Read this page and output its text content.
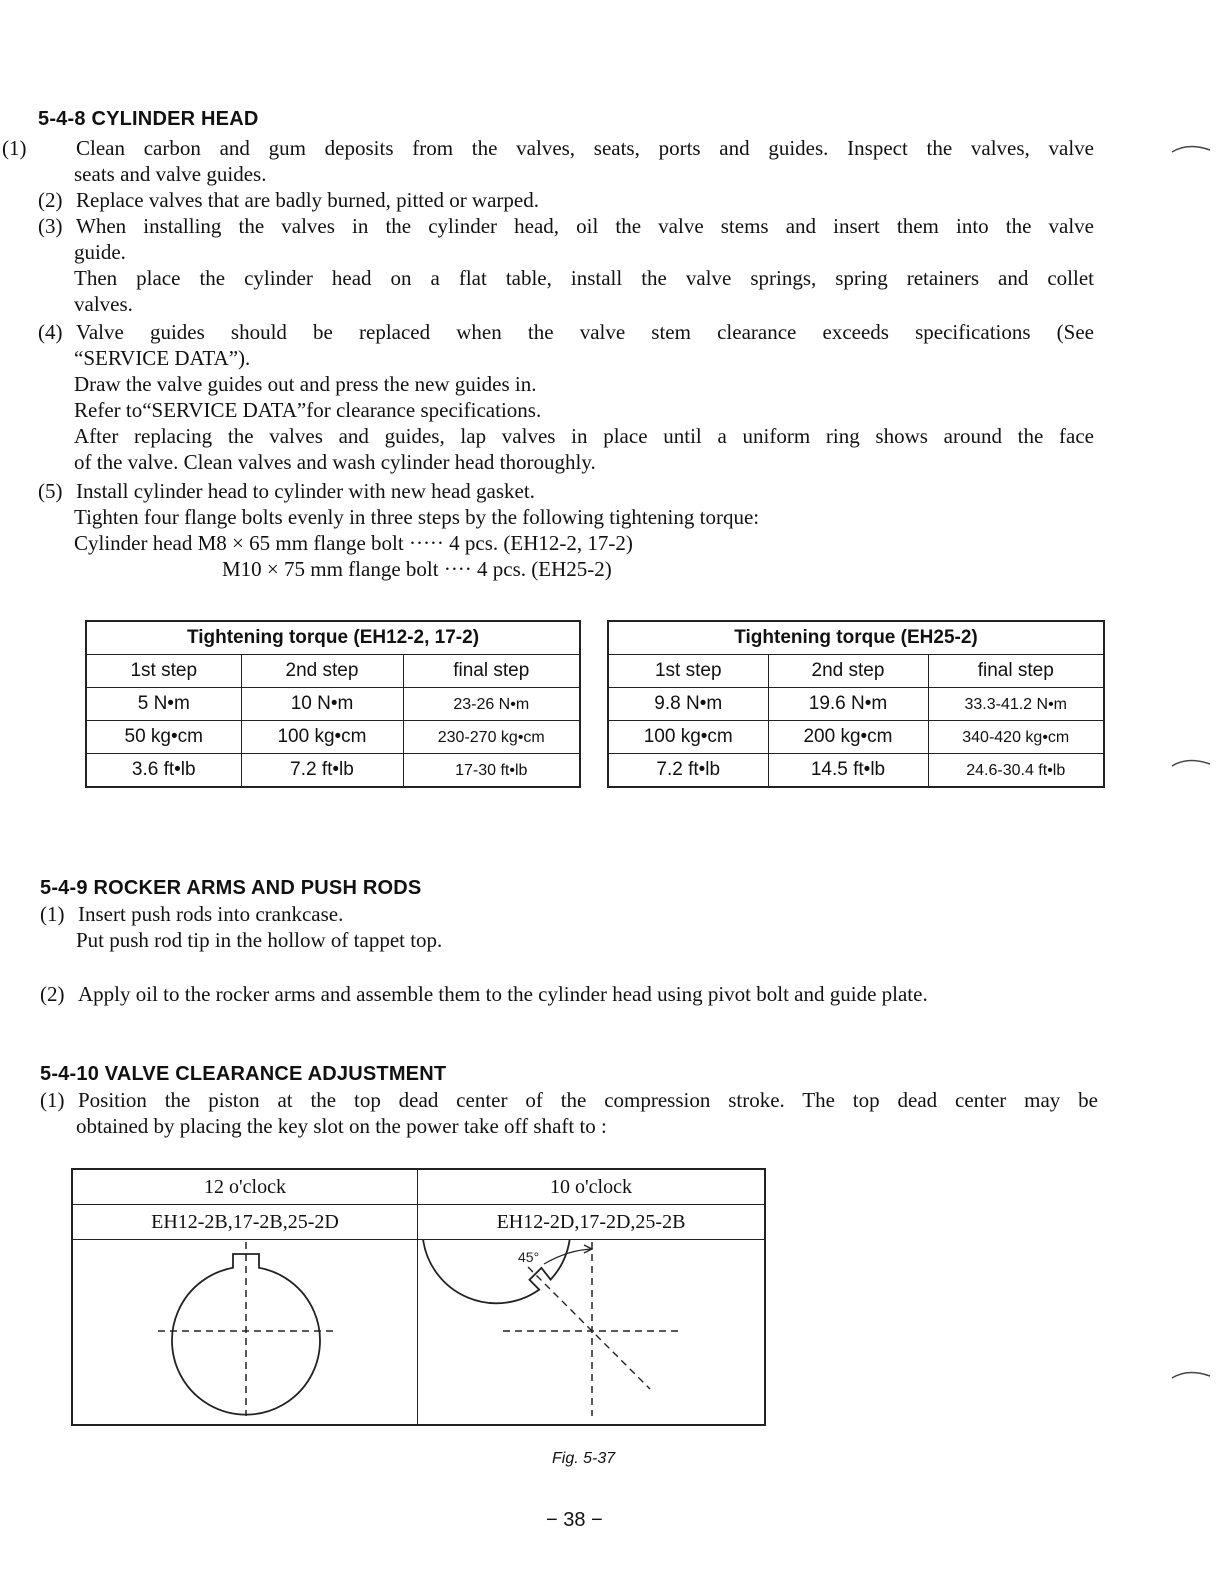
5-4-8 CYLINDER HEAD
(1) Clean carbon and gum deposits from the valves, seats, ports and guides. Inspect the valves, valve
seats and valve guides.
(2) Replace valves that are badly burned, pitted or warped.
(3) When installing the valves in the cylinder head, oil the valve stems and insert them into the valve
guide.
Then place the cylinder head on a flat table, install the valve springs, spring retainers and collet
valves.
(4) Valve guides should be replaced when the valve stem clearance exceeds specifications (See
“SERVICE DATA”).
Draw the valve guides out and press the new guides in.
Refer to“SERVICE DATA”for clearance specifications.
After replacing the valves and guides, lap valves in place until a uniform ring shows around the face
of the valve. Clean valves and wash cylinder head thoroughly.
(5) Install cylinder head to cylinder with new head gasket.
Tighten four flange bolts evenly in three steps by the following tightening torque:
Cylinder head M8 × 65 mm flange bolt ····· 4 pcs. (EH12-2, 17-2)
M10 × 75 mm flange bolt ···· 4 pcs. (EH25-2)
Tightening torque (EH12-2, 17-2)		
1st step	2nd step	final step
5 N•m	10 N•m	23-26 N•m
50 kg•cm	100 kg•cm	230-270 kg•cm
3.6 ft•lb	7.2 ft•lb	17-30 ft•lb
Tightening torque (EH25-2)		
1st step	2nd step	final step
9.8 N•m	19.6 N•m	33.3-41.2 N•m
100 kg•cm	200 kg•cm	340-420 kg•cm
7.2 ft•lb	14.5 ft•lb	24.6-30.4 ft•lb
5-4-9 ROCKER ARMS AND PUSH RODS
(1) Insert push rods into crankcase.
Put push rod tip in the hollow of tappet top.
(2) Apply oil to the rocker arms and assemble them to the cylinder head using pivot bolt and guide plate.
5-4-10 VALVE CLEARANCE ADJUSTMENT
(1) Position the piston at the top dead center of the compression stroke. The top dead center may be
obtained by placing the key slot on the power take off shaft to :
12 o'clock	10 o'clock
EH12-2B,17-2B,25-2D	EH12-2D,17-2D,25-2B

45°
Fig. 5-37
− 38 −
